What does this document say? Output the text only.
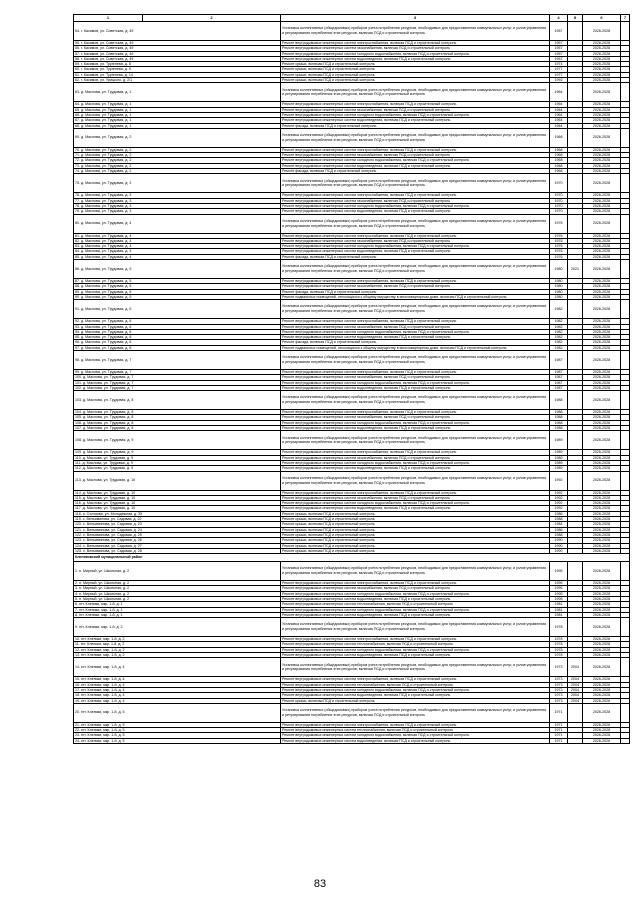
1	2	3	4	5	6	7
54. г. Касимов, ул. Советская, д. 49		Установка коллективных (общедомовых) приборов учета потребления ресурсов, необходимых для предоставления коммунальных услуг, и узлов управления и регулирования потребления этих ресурсов, включая ПСД и строительный контроль	1957		2026-2028	
55. г. Касимов, ул. Советская, д. 49		Ремонт внутридомовых инженерных систем электроснабжения, включая ПСД и строительный контроль	1957		2026-2028	
56. г. Касимов, ул. Советская, д. 49		Ремонт внутридомовых инженерных систем газоснабжения, включая ПСД и строительный контроль	1957		2026-2028	
57. г. Касимов, ул. Советская, д. 49		Ремонт внутридомовых инженерных систем холодного водоснабжения, включая ПСД и строительный контроль	1957		2026-2028	
58. г. Касимов, ул. Советская, д. 49		Ремонт внутридомовых инженерных систем водоотведения, включая ПСД и строительный контроль	1957		2026-2028	
59. г. Касимов, ул. Тургенева, д. 8		Ремонт крыши, включая ПСД и строительный контроль	1974		2026-2028	
60. г. Касимов, ул. Тургенева, д. 9		Ремонт крыши, включая ПСД и строительный контроль	1977		2026-2028	
61. г. Касимов, ул. Тургенева, д. 14		Ремонт крыши, включая ПСД и строительный контроль	1977		2026-2028	
62. г. Касимов, ул. Урицкого, д. 2/1		Ремонт крыши, включая ПСД и строительный контроль	1992		2026-2028	
63. д. Маслова, ул. Трудовая, д. 1		Установка коллективных (общедомовых) приборов учета потребления ресурсов, необходимых для предоставления коммунальных услуг, и узлов управления и регулирования потребления этих ресурсов, включая ПСД и строительный контроль	1964		2026-2028	
64. д. Маслова, ул. Трудовая, д. 1		Ремонт внутридомовых инженерных систем электроснабжения, включая ПСД и строительный контроль	1964		2026-2028	
65. д. Маслова, ул. Трудовая, д. 1		Ремонт внутридомовых инженерных систем газоснабжения, включая ПСД и строительный контроль	1964		2026-2028	
66. д. Маслова, ул. Трудовая, д. 1		Ремонт внутридомовых инженерных систем холодного водоснабжения, включая ПСД и строительный контроль	1964		2026-2028	
67. д. Маслова, ул. Трудовая, д. 1		Ремонт внутридомовых инженерных систем водоотведения, включая ПСД и строительный контроль	1964		2026-2028	
68. д. Маслова, ул. Трудовая, д. 1		Ремонт фасада, включая ПСД и строительный контроль	1964		2026-2028	
69. д. Маслова, ул. Трудовая, д. 2		Установка коллективных (общедомовых) приборов учета потребления ресурсов, необходимых для предоставления коммунальных услуг, и узлов управления и регулирования потребления этих ресурсов, включая ПСД и строительный контроль	1968		2026-2028	
70. д. Маслова, ул. Трудовая, д. 2		Ремонт внутридомовых инженерных систем электроснабжения, включая ПСД и строительный контроль	1968		2026-2028	
71. д. Маслова, ул. Трудовая, д. 2		Ремонт внутридомовых инженерных систем газоснабжения, включая ПСД и строительный контроль	1968		2026-2028	
72. д. Маслова, ул. Трудовая, д. 2		Ремонт внутридомовых инженерных систем холодного водоснабжения, включая ПСД и строительный контроль	1968		2026-2028	
73. д. Маслова, ул. Трудовая, д. 2		Ремонт внутридомовых инженерных систем водоотведения, включая ПСД и строительный контроль	1968		2026-2028	
74. д. Маслова, ул. Трудовая, д. 2		Ремонт фасада, включая ПСД и строительный контроль	1968		2026-2028	
75. д. Маслова, ул. Трудовая, д. 3		Установка коллективных (общедомовых) приборов учета потребления ресурсов, необходимых для предоставления коммунальных услуг, и узлов управления и регулирования потребления этих ресурсов, включая ПСД и строительный контроль	1970		2026-2028	
76. д. Маслова, ул. Трудовая, д. 3		Ремонт внутридомовых инженерных систем электроснабжения, включая ПСД и строительный контроль	1970		2026-2028	
77. д. Маслова, ул. Трудовая, д. 3		Ремонт внутридомовых инженерных систем газоснабжения, включая ПСД и строительный контроль	1970		2026-2028	
78. д. Маслова, ул. Трудовая, д. 3		Ремонт внутридомовых инженерных систем холодного водоснабжения, включая ПСД и строительный контроль	1970		2026-2028	
79. д. Маслова, ул. Трудовая, д. 3		Ремонт внутридомовых инженерных систем водоотведения, включая ПСД и строительный контроль	1970		2026-2028	
80. д. Маслова, ул. Трудовая, д. 4		Установка коллективных (общедомовых) приборов учета потребления ресурсов, необходимых для предоставления коммунальных услуг, и узлов управления и регулирования потребления этих ресурсов, включая ПСД и строительный контроль	1976		2026-2028	
81. д. Маслова, ул. Трудовая, д. 4		Ремонт внутридомовых инженерных систем электроснабжения, включая ПСД и строительный контроль	1976		2026-2028	
82. д. Маслова, ул. Трудовая, д. 4		Ремонт внутридомовых инженерных систем газоснабжения, включая ПСД и строительный контроль	1976		2026-2028	
83. д. Маслова, ул. Трудовая, д. 4		Ремонт внутридомовых инженерных систем холодного водоснабжения, включая ПСД и строительный контроль	1976		2026-2028	
84. д. Маслова, ул. Трудовая, д. 4		Ремонт внутридомовых инженерных систем водоотведения, включая ПСД и строительный контроль	1976		2026-2028	
85. д. Маслова, ул. Трудовая, д. 4		Ремонт фасада, включая ПСД и строительный контроль	1976		2026-2028	
86. д. Маслова, ул. Трудовая, д. 5		Установка коллективных (общедомовых) приборов учета потребления ресурсов, необходимых для предоставления коммунальных услуг, и узлов управления и регулирования потребления этих ресурсов, включая ПСД и строительный контроль	1980	2021	2026-2028	
87. д. Маслова, ул. Трудовая, д. 5		Ремонт внутридомовых инженерных систем электроснабжения, включая ПСД и строительный контроль	1980		2026-2028	
88. д. Маслова, ул. Трудовая, д. 5		Ремонт внутридомовых инженерных систем газоснабжения, включая ПСД и строительный контроль	1980		2026-2028	
89. д. Маслова, ул. Трудовая, д. 5		Ремонт фасада, включая ПСД и строительный контроль	1980		2026-2028	
90. д. Маслова, ул. Трудовая, д. 5		Ремонт подвальных помещений, относящихся к общему имуществу в многоквартирном доме, включая ПСД и строительный контроль	1980		2026-2028	
91. д. Маслова, ул. Трудовая, д. 6		Установка коллективных (общедомовых) приборов учета потребления ресурсов, необходимых для предоставления коммунальных услуг, и узлов управления и регулирования потребления этих ресурсов, включая ПСД и строительный контроль	1982		2026-2028	
92. д. Маслова, ул. Трудовая, д. 6		Ремонт внутридомовых инженерных систем электроснабжения, включая ПСД и строительный контроль	1982		2026-2028	
93. д. Маслова, ул. Трудовая, д. 6		Ремонт внутридомовых инженерных систем газоснабжения, включая ПСД и строительный контроль	1982		2026-2028	
94. д. Маслова, ул. Трудовая, д. 6		Ремонт внутридомовых инженерных систем холодного водоснабжения, включая ПСД и строительный контроль	1982		2026-2028	
95. д. Маслова, ул. Трудовая, д. 6		Ремонт внутридомовых инженерных систем водоотведения, включая ПСД и строительный контроль	1982		2026-2028	
96. д. Маслова, ул. Трудовая, д. 6		Ремонт фасада, включая ПСД и строительный контроль	1982		2026-2028	
97. д. Маслова, ул. Трудовая, д. 6		Ремонт подвальных помещений, относящихся к общему имуществу в многоквартирном доме, включая ПСД и строительный контроль	1982		2026-2028	
98. д. Маслова, ул. Трудовая, д. 7		Установка коллективных (общедомовых) приборов учета потребления ресурсов, необходимых для предоставления коммунальных услуг, и узлов управления и регулирования потребления этих ресурсов, включая ПСД и строительный контроль	1987		2026-2028	
99. д. Маслова, ул. Трудовая, д. 7		Ремонт внутридомовых инженерных систем электроснабжения, включая ПСД и строительный контроль	1987		2026-2028	
100. д. Маслова, ул. Трудовая, д. 7		Ремонт внутридомовых инженерных систем газоснабжения, включая ПСД и строительный контроль	1987		2026-2028	
101. д. Маслова, ул. Трудовая, д. 7		Ремонт внутридомовых инженерных систем холодного водоснабжения, включая ПСД и строительный контроль	1987		2026-2028	
102. д. Маслова, ул. Трудовая, д. 7		Ремонт внутридомовых инженерных систем водоотведения, включая ПСД и строительный контроль	1987		2026-2028	
103. д. Маслова, ул. Трудовая, д. 8		Установка коллективных (общедомовых) приборов учета потребления ресурсов, необходимых для предоставления коммунальных услуг, и узлов управления и регулирования потребления этих ресурсов, включая ПСД и строительный контроль	1988		2026-2028	
104. д. Маслова, ул. Трудовая, д. 8		Ремонт внутридомовых инженерных систем электроснабжения, включая ПСД и строительный контроль	1988		2026-2028	
105. д. Маслова, ул. Трудовая, д. 8		Ремонт внутридомовых инженерных систем газоснабжения, включая ПСД и строительный контроль	1988		2026-2028	
106. д. Маслова, ул. Трудовая, д. 8		Ремонт внутридомовых инженерных систем холодного водоснабжения, включая ПСД и строительный контроль	1988		2026-2028	
107. д. Маслова, ул. Трудовая, д. 8		Ремонт внутридомовых инженерных систем водоотведения, включая ПСД и строительный контроль	1988		2026-2028	
108. д. Маслова, ул. Трудовая, д. 9		Установка коллективных (общедомовых) приборов учета потребления ресурсов, необходимых для предоставления коммунальных услуг, и узлов управления и регулирования потребления этих ресурсов, включая ПСД и строительный контроль	1989		2026-2028	
109. д. Маслова, ул. Трудовая, д. 9		Ремонт внутридомовых инженерных систем электроснабжения, включая ПСД и строительный контроль	1989		2026-2028	
110. д. Маслова, ул. Трудовая, д. 9		Ремонт внутридомовых инженерных систем газоснабжения, включая ПСД и строительный контроль	1989		2026-2028	
111. д. Маслова, ул. Трудовая, д. 9		Ремонт внутридомовых инженерных систем холодного водоснабжения, включая ПСД и строительный контроль	1989		2026-2028	
112. д. Маслова, ул. Трудовая, д. 9		Ремонт внутридомовых инженерных систем водоотведения, включая ПСД и строительный контроль	1989		2026-2028	
113. д. Маслова, ул. Трудовая, д. 10		Установка коллективных (общедомовых) приборов учета потребления ресурсов, необходимых для предоставления коммунальных услуг, и узлов управления и регулирования потребления этих ресурсов, включая ПСД и строительный контроль	1992		2026-2028	
114. д. Маслова, ул. Трудовая, д. 10		Ремонт внутридомовых инженерных систем электроснабжения, включая ПСД и строительный контроль	1992		2026-2028	
115. д. Маслова, ул. Трудовая, д. 10		Ремонт внутридомовых инженерных систем газоснабжения, включая ПСД и строительный контроль	1992		2026-2028	
116. д. Маслова, ул. Трудовая, д. 10		Ремонт внутридомовых инженерных систем холодного водоснабжения, включая ПСД и строительный контроль	1992		2026-2028	
117. д. Маслова, ул. Трудовая, д. 10		Ремонт внутридомовых инженерных систем водоотведения, включая ПСД и строительный контроль	1992		2026-2028	
118. п. Солтаови, ул. Молодежная, д. 39		Ремонт крыши, включая ПСД и строительный контроль	1986		2026-2028	
119. с. Вельяминова, ул. Садовая, д. 22		Ремонт крыши, включая ПСД и строительный контроль	1988		2026-2028	
120. с. Вельяминова, ул. Садовая, д. 23		Ремонт крыши, включая ПСД и строительный контроль	1984		2026-2028	
121. с. Вельяминова, ул. Садовая, д. 24		Ремонт крыши, включая ПСД и строительный контроль	1986		2026-2028	
122. с. Вельяминова, ул. Садовая, д. 25		Ремонт крыши, включая ПСД и строительный контроль	1988		2026-2028	
123. с. Вельяминова, ул. Садовая, д. 26		Ремонт крыши, включая ПСД и строительный контроль	1990		2026-2028	
124. с. Вельяминова, ул. Садовая, д. 27		Ремонт крыши, включая ПСД и строительный контроль	1990		2026-2028	
125. с. Вельяминова, ул. Садовая, д. 28		Ремонт крыши, включая ПСД и строительный контроль	1990		2026-2028	
Клепиковский муниципальный район						
1. п. Мирный, ул. Школьная, д. 2		Установка коллективных (общедомовых) приборов учета потребления ресурсов, необходимых для предоставления коммунальных услуг, и узлов управления и регулирования потребления этих ресурсов, включая ПСД и строительный контроль	1995		2026-2028	
2. п. Мирный, ул. Школьная, д. 2		Ремонт внутридомовых инженерных систем электроснабжения, включая ПСД и строительный контроль	1995		2026-2028	
3. п. Мирный, ул. Школьная, д. 2		Ремонт внутридомовых инженерных систем газоснабжения, включая ПСД и строительный контроль	1995		2026-2028	
4. п. Мирный, ул. Школьная, д. 2		Ремонт внутридомовых инженерных систем холодного водоснабжения, включая ПСД и строительный контроль	1995		2026-2028	
5. п. Мирный, ул. Школьная, д. 2		Ремонт внутридомовых инженерных систем водоотведения, включая ПСД и строительный контроль	1995		2026-2028	
6. пгт. Клепики, мкр. 1-й, д. 1		Ремонт внутридомовых инженерных систем теплоснабжения, включая ПСД и строительный контроль	1981		2026-2028	
7. пгт. Клепики, мкр. 1-й, д. 1		Ремонт внутридомовых инженерных систем холодного водоснабжения, включая ПСД и строительный контроль	1981		2026-2028	
8. пгт. Клепики, мкр. 1-й, д. 1		Ремонт внутридомовых инженерных систем водоотведения, включая ПСД и строительный контроль	1981		2026-2028	
9. пгт. Клепики, мкр. 1-й, д. 2		Установка коллективных (общедомовых) приборов учета потребления ресурсов, необходимых для предоставления коммунальных услуг, и узлов управления и регулирования потребления этих ресурсов, включая ПСД и строительный контроль	1978		2026-2028	
10. пгт. Клепики, мкр. 1-й, д. 2		Ремонт внутридомовых инженерных систем электроснабжения, включая ПСД и строительный контроль	1978		2026-2028	
11. пгт. Клепики, мкр. 1-й, д. 2		Ремонт внутридомовых инженерных систем теплоснабжения, включая ПСД и строительный контроль	1978		2026-2028	
12. пгт. Клепики, мкр. 1-й, д. 2		Ремонт внутридомовых инженерных систем холодного водоснабжения, включая ПСД и строительный контроль	1978		2026-2028	
13. пгт. Клепики, мкр. 1-й, д. 2		Ремонт внутридомовых инженерных систем водоотведения, включая ПСД и строительный контроль	1978		2026-2028	
14. пгт. Клепики, мкр. 1-й, д. 4		Установка коллективных (общедомовых) приборов учета потребления ресурсов, необходимых для предоставления коммунальных услуг, и узлов управления и регулирования потребления этих ресурсов, включая ПСД и строительный контроль	1973	2004	2026-2028	
15. пгт. Клепики, мкр. 1-й, д. 4		Ремонт внутридомовых инженерных систем электроснабжения, включая ПСД и строительный контроль	1973	2004	2026-2028	
16. пгт. Клепики, мкр. 1-й, д. 4		Ремонт внутридомовых инженерных систем теплоснабжения, включая ПСД и строительный контроль	1973	2004	2026-2028	
17. пгт. Клепики, мкр. 1-й, д. 4		Ремонт внутридомовых инженерных систем холодного водоснабжения, включая ПСД и строительный контроль	1973	2004	2026-2028	
18. пгт. Клепики, мкр. 1-й, д. 4		Ремонт внутридомовых инженерных систем водоотведения, включая ПСД и строительный контроль	1973	2004	2026-2028	
19. пгт. Клепики, мкр. 1-й, д. 4		Ремонт крыши, включая ПСД и строительный контроль	1973	2004	2026-2028	
20. пгт. Клепики, мкр. 1-й, д. 5		Установка коллективных (общедомовых) приборов учета потребления ресурсов, необходимых для предоставления коммунальных услуг, и узлов управления и регулирования потребления этих ресурсов, включая ПСД и строительный контроль	1971		2026-2028	
21. пгт. Клепики, мкр. 1-й, д. 5		Ремонт внутридомовых инженерных систем электроснабжения, включая ПСД и строительный контроль	1971		2026-2028	
22. пгт. Клепики, мкр. 1-й, д. 5		Ремонт внутридомовых инженерных систем теплоснабжения, включая ПСД и строительный контроль	1971		2026-2028	
23. пгт. Клепики, мкр. 1-й, д. 5		Ремонт внутридомовых инженерных систем холодного водоснабжения, включая ПСД и строительный контроль	1971		2026-2028	
24. пгт. Клепики, мкр. 1-й, д. 5		Ремонт внутридомовых инженерных систем водоотведения, включая ПСД и строительный контроль	1971		2026-2028	
83
